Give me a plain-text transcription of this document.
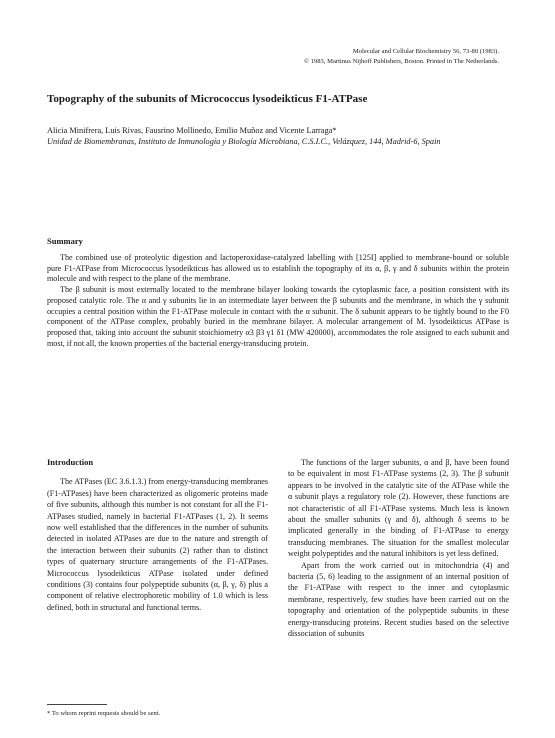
Molecular and Cellular Biochemistry 56, 73-80 (1983).
© 1983, Martinus Nijhoff Publishers, Boston. Printed in The Netherlands.
Topography of the subunits of Micrococcus lysodeikticus F1-ATPase
Alicia Minifrera, Luis Rivas, Fausrino Mollinedo, Emilio Muñoz and Vicente Larraga*
Unidad de Biomembranas, Instituto de Inmunología y Biología Microbiana, C.S.I.C., Velázquez, 144, Madrid-6, Spain
Summary

The combined use of proteolytic digestion and lactoperoxidase-catalyzed labelling with [125I] applied to membrane-bound or soluble pure F1-ATPase from Micrococcus lysodeikticus has allowed us to establish the topography of its α, β, γ and δ subunits within the protein molecule and with respect to the plane of the membrane.

The β subunit is most externally located to the membrane bilayer looking towards the cytoplasmic face, a position consistent with its proposed catalytic role. The α and γ subunits lie in an intermediate layer between the β subunits and the membrane, in which the γ subunit occupies a central position within the F1-ATPase molecule in contact with the α subunit. The δ subunit appears to be tightly bound to the F0 component of the ATPase complex, probably buried in the membrane bilayer. A molecular arrangement of M. lysodeikticus ATPase is proposed that, taking into account the subunit stoichiometry α3 β3 γ1 δ1 (MW 420000), accommodates the role assigned to each subunit and most, if not all, the known properties of the bacterial energy-transducing protein.

Introduction

The ATPases (EC 3.6.1.3.) from energy-transducing membranes (F1-ATPases) have been characterized as oligomeric proteins made of five subunits, although this number is not constant for all the F1-ATPases studied, namely in bacterial F1-ATPases (1, 2). It seems now well established that the differences in the number of subunits detected in isolated ATPases are due to the nature and strength of the interaction between their subunits (2) rather than to distinct types of quaternary structure arrangements of the F1-ATPases. Micrococcus lysodeikticus ATPase isolated under defined conditions (3) contains four polypeptide subunits (α, β, γ, δ) plus a component of relative electrophoretic mobility of 1.0 which is less defined, both in structural and functional terms.

The functions of the larger subunits, α and β, have been found to be equivalent in most F1-ATPase systems (2, 3). The β subunit appears to be involved in the catalytic site of the ATPase while the α subunit plays a regulatory role (2). However, these functions are not characteristic of all F1-ATPase systems. Much less is known about the smaller subunits (γ and δ), although δ seems to be implicated generally in the binding of F1-ATPase to energy transducing membranes. The situation for the smallest molecular weight polypeptides and the natural inhibitors is yet less defined.

Apart from the work carried out in mitochondria (4) and bacteria (5, 6) leading to the assignment of an internal position of the F1-ATPase with respect to the inner and cytoplasmic membrane, respectively, few studies have been carried out on the topography and orientation of the polypeptide subunits in these energy-transducing proteins. Recent studies based on the selective dissociation of subunits

* To whom reprint requests should be sent.
